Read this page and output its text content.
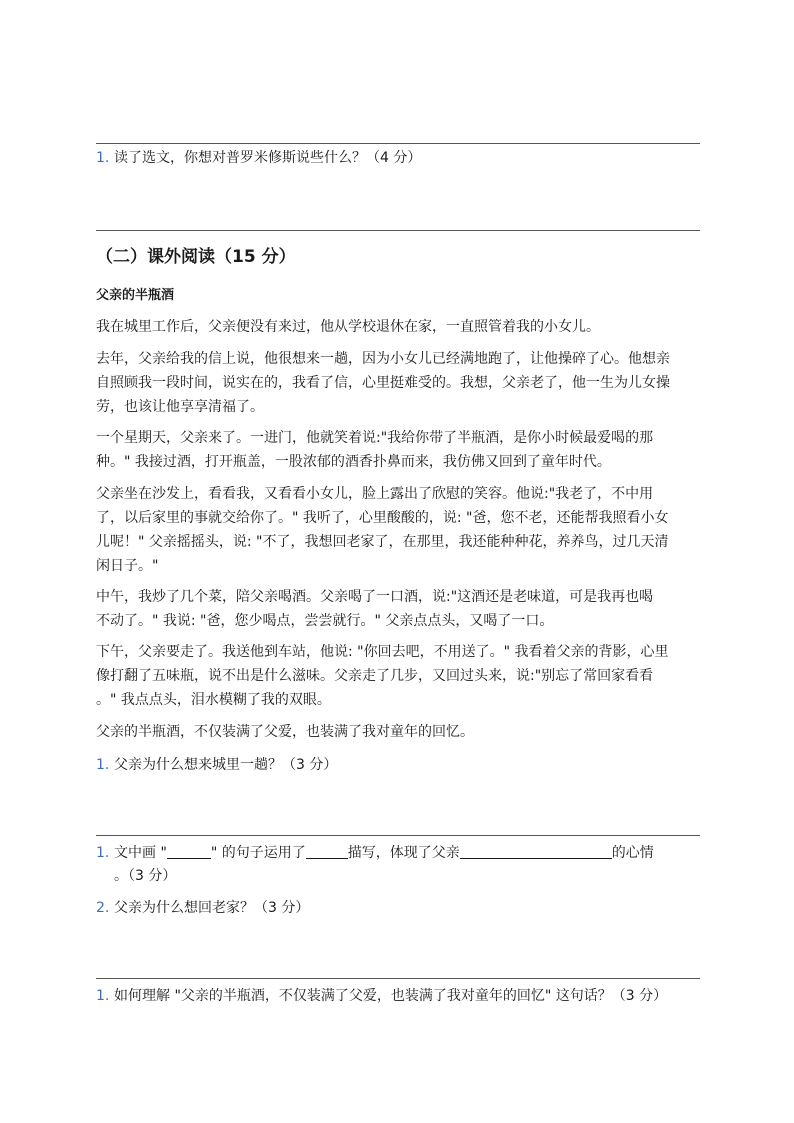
1. 读了选文，你想对普罗米修斯说些什么？（4 分）
（二）课外阅读（15 分）
父亲的半瓶酒
我在城里工作后，父亲便没有来过，他从学校退休在家，一直照管着我的小女儿。
去年，父亲给我的信上说，他很想来一趟，因为小女儿已经满地跑了，让他操碎了心。他想亲
自照顾我一段时间，说实在的，我看了信，心里挺难受的。我想，父亲老了，他一生为儿女操
劳，也该让他享享清福了。
一个星期天，父亲来了。一进门，他就笑着说:"我给你带了半瓶酒，是你小时候最爱喝的那
种。" 我接过酒，打开瓶盖，一股浓郁的酒香扑鼻而来，我仿佛又回到了童年时代。
父亲坐在沙发上，看看我，又看看小女儿，脸上露出了欣慰的笑容。他说:"我老了，不中用
了，以后家里的事就交给你了。" 我听了，心里酸酸的，说: "爸，您不老，还能帮我照看小女
儿呢！" 父亲摇摇头，说: "不了，我想回老家了，在那里，我还能种种花，养养鸟，过几天清
闲日子。"
中午，我炒了几个菜，陪父亲喝酒。父亲喝了一口酒，说:"这酒还是老味道，可是我再也喝
不动了。" 我说: "爸，您少喝点，尝尝就行。" 父亲点点头，又喝了一口。
下午，父亲要走了。我送他到车站，他说: "你回去吧，不用送了。" 我看着父亲的背影，心里
像打翻了五味瓶，说不出是什么滋味。父亲走了几步，又回过头来，说:"别忘了常回家看看
。" 我点点头，泪水模糊了我的双眼。
父亲的半瓶酒，不仅装满了父爱，也装满了我对童年的回忆。
1. 父亲为什么想来城里一趟？（3 分）
1. 文中画 "	" 的句子运用了	描写，体现了父亲	的心情
。（3 分）
2. 父亲为什么想回老家？（3 分）
1. 如何理解 "父亲的半瓶酒，不仅装满了父爱，也装满了我对童年的回忆" 这句话？（3 分）
